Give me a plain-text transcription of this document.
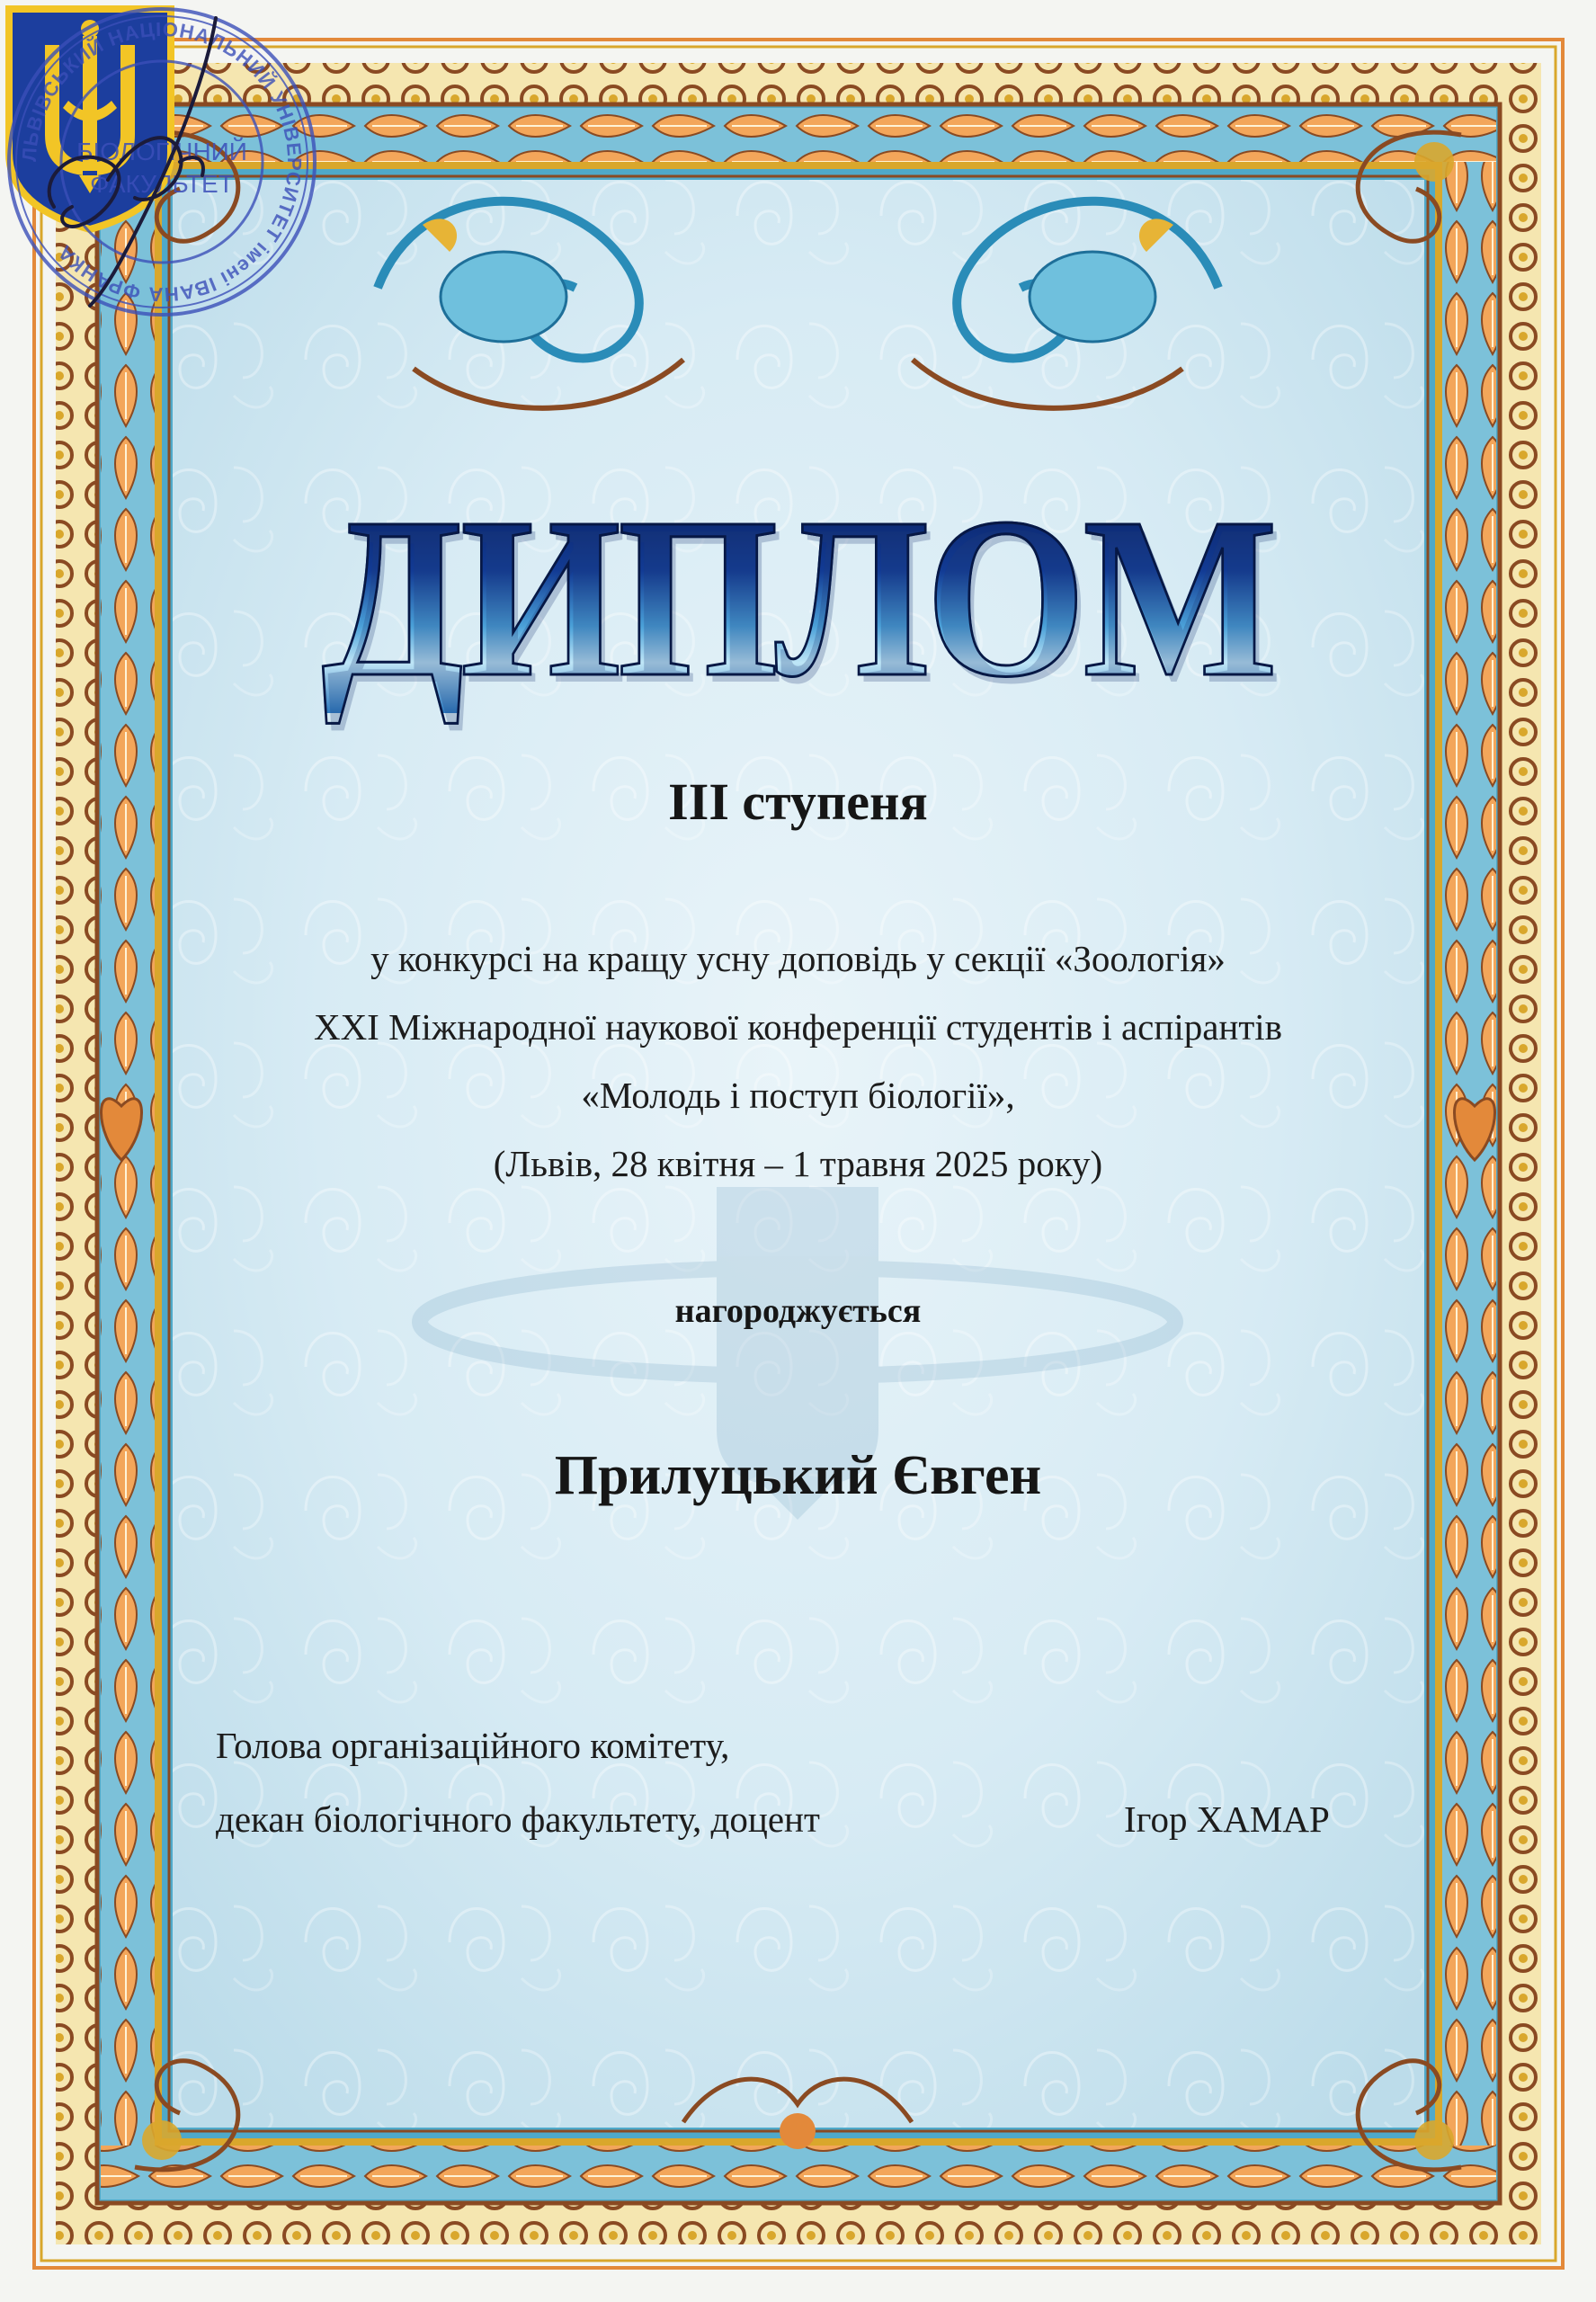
ДИПЛОМ
III ступеня
у конкурсі на кращу усну доповідь у секції «Зоологія»
XXI Міжнародної наукової конференції студентів і аспірантів
«Молодь і поступ біології»,
(Львів, 28 квітня – 1 травня 2025 року)
нагороджується
Прилуцький Євген
Голова організаційного комітету,
декан біологічного факультету, доцент	Ігор ХАМАР
ЛЬВІВСЬКИЙ НАЦІОНАЛЬНИЙ УНІВЕРСИТЕТ імені ІВАНА ФРАНКА
БІОЛОГІЧНИЙ
ФАКУЛЬТЕТ
